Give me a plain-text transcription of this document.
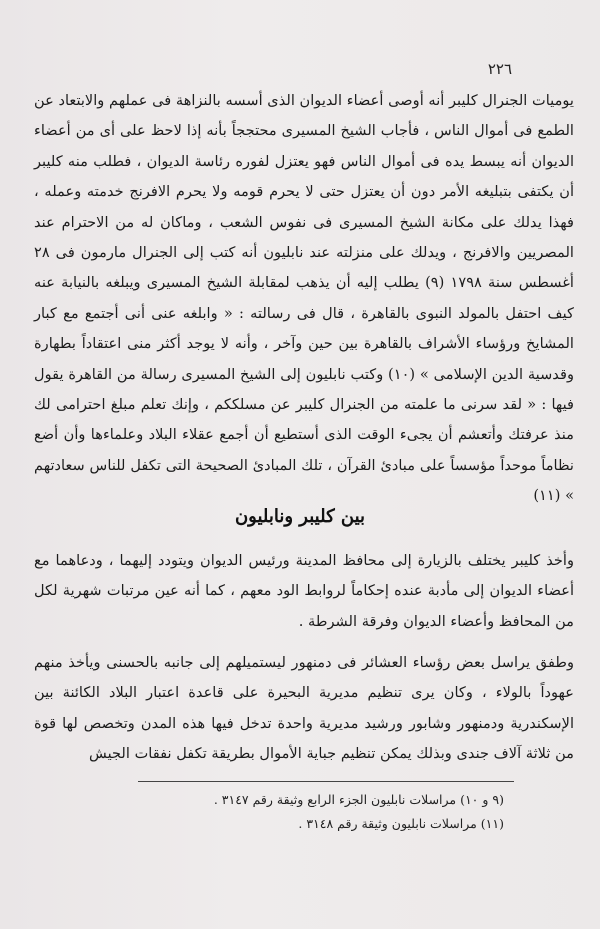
٢٢٦

يوميات الجنرال كليبر أنه أوصى أعضاء الديوان الذى أسسه بالنزاهة فى عملهم والابتعاد عن الطمع فى أموال الناس ، فأجاب الشيخ المسيرى محتججاً بأنه إذا لاحظ على أى من أعضاء الديوان أنه يبسط يده فى أموال الناس فهو يعتزل لفوره رئاسة الديوان ، فطلب منه كليبر أن يكتفى بتبليغه الأمر دون أن يعتزل حتى لا يحرم قومه ولا يحرم الافرنج خدمته وعمله ، فهذا يدلك على مكانة الشيخ المسيرى فى نفوس الشعب ، وماكان له من الاحترام عند المصريين والافرنج ، ويدلك على منزلته عند نابليون أنه كتب إلى الجنرال مارمون فى ٢٨ أغسطس سنة ١٧٩٨ (٩) يطلب إليه أن يذهب لمقابلة الشيخ المسيرى ويبلغه بالنيابة عنه كيف احتفل بالمولد النبوى بالقاهرة ، قال فى رسالته : « وابلغه عنى أنى أجتمع مع كبار المشايخ ورؤساء الأشراف بالقاهرة بين حين وآخر ، وأنه لا يوجد أكثر منى اعتقاداً بطهارة وقدسية الدين الإسلامى » (١٠) وكتب نابليون إلى الشيخ المسيرى رسالة من القاهرة يقول فيها : « لقد سرنى ما علمته من الجنرال كليبر عن مسلككم ، وإنك تعلم مبلغ احترامى لك منذ عرفتك وأتعشم أن يجىء الوقت الذى أستطيع أن أجمع عقلاء البلاد وعلماءها وأن أضع نظاماً موحداً مؤسساً على مبادئ القرآن ، تلك المبادئ الصحيحة التى تكفل للناس سعادتهم » (١١)

بين كليبر ونابليون

وأخذ كليبر يختلف بالزيارة إلى محافظ المدينة ورئيس الديوان ويتودد إليهما ، ودعاهما مع أعضاء الديوان إلى مأدبة عنده إحكاماً لروابط الود معهم ، كما أنه عين مرتبات شهرية لكل من المحافظ وأعضاء الديوان وفرقة الشرطة .

وطفق يراسل بعض رؤساء العشائر فى دمنهور ليستميلهم إلى جانبه بالحسنى ويأخذ منهم عهوداً بالولاء ، وكان يرى تنظيم مديرية البحيرة على قاعدة اعتبار البلاد الكائنة بين الإسكندرية ودمنهور وشابور ورشيد مديرية واحدة تدخل فيها هذه المدن وتخصص لها قوة من ثلاثة آلاف جندى وبذلك يمكن تنظيم جباية الأموال بطريقة تكفل نفقات الجيش

(٩ و ١٠) مراسلات نابليون الجزء الرابع وثيقة رقم ٣١٤٧ .

(١١) مراسلات نابليون وثيقة رقم ٣١٤٨ .
